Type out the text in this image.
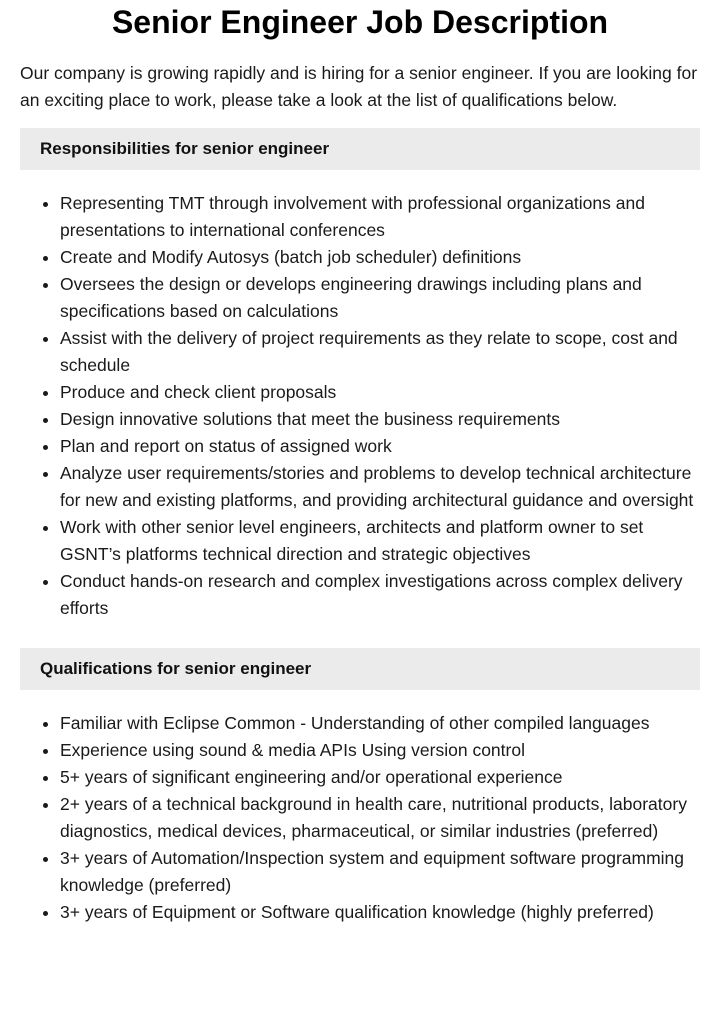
Senior Engineer Job Description

Our company is growing rapidly and is hiring for a senior engineer. If you are looking for an exciting place to work, please take a look at the list of qualifications below.

Responsibilities for senior engineer
• Representing TMT through involvement with professional organizations and presentations to international conferences
• Create and Modify Autosys (batch job scheduler) definitions
• Oversees the design or develops engineering drawings including plans and specifications based on calculations
• Assist with the delivery of project requirements as they relate to scope, cost and schedule
• Produce and check client proposals
• Design innovative solutions that meet the business requirements
• Plan and report on status of assigned work
• Analyze user requirements/stories and problems to develop technical architecture for new and existing platforms, and providing architectural guidance and oversight
• Work with other senior level engineers, architects and platform owner to set GSNT’s platforms technical direction and strategic objectives
• Conduct hands-on research and complex investigations across complex delivery efforts
Qualifications for senior engineer
• Familiar with Eclipse Common - Understanding of other compiled languages
• Experience using sound & media APIs Using version control
• 5+ years of significant engineering and/or operational experience
• 2+ years of a technical background in health care, nutritional products, laboratory diagnostics, medical devices, pharmaceutical, or similar industries (preferred)
• 3+ years of Automation/Inspection system and equipment software programming knowledge (preferred)
• 3+ years of Equipment or Software qualification knowledge (highly preferred)
